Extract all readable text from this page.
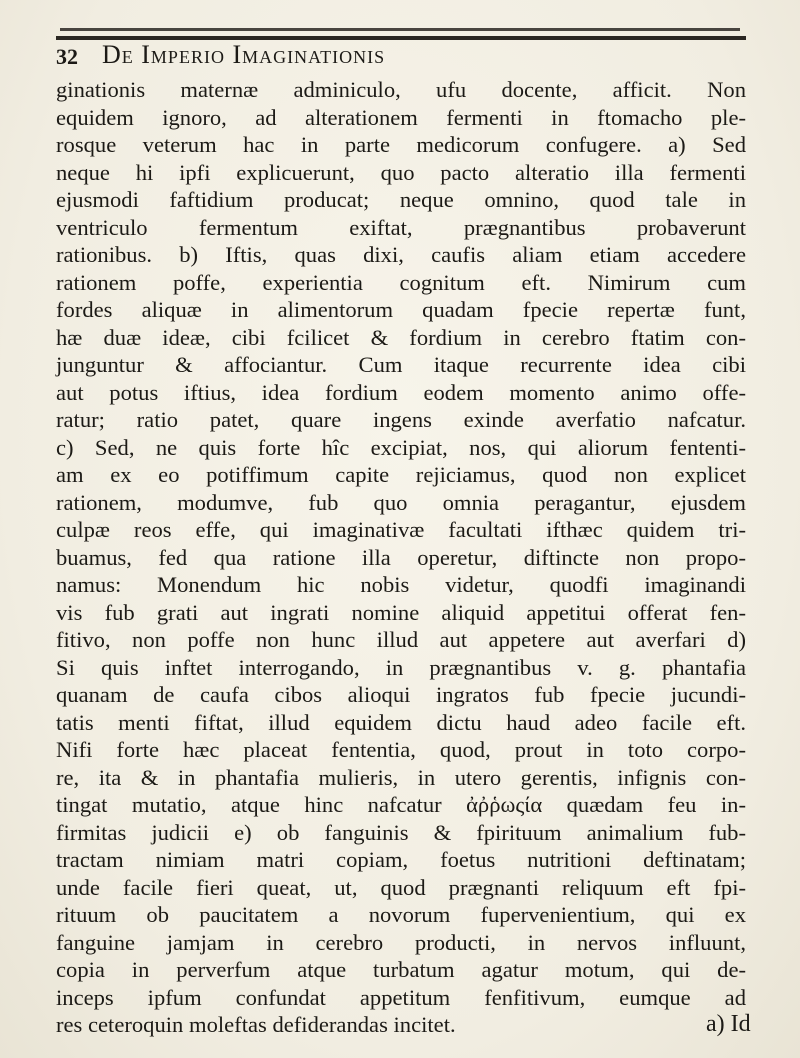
32 De Imperio Imaginationis
ginationis maternæ adminiculo, ufu docente, afficit. Non
equidem ignoro, ad alterationem fermenti in ftomacho ple-
rosque veterum hac in parte medicorum confugere. a) Sed
neque hi ipfi explicuerunt, quo pacto alteratio illa fermenti
ejusmodi faftidium producat; neque omnino, quod tale in
ventriculo fermentum exiftat, prægnantibus probaverunt
rationibus. b) Iftis, quas dixi, caufis aliam etiam accedere
rationem poffe, experientia cognitum eft. Nimirum cum
fordes aliquæ in alimentorum quadam fpecie repertæ funt,
hæ duæ ideæ, cibi fcilicet & fordium in cerebro ftatim con-
junguntur & affociantur. Cum itaque recurrente idea cibi
aut potus iftius, idea fordium eodem momento animo offe-
ratur; ratio patet, quare ingens exinde averfatio nafcatur.
c) Sed, ne quis forte hîc excipiat, nos, qui aliorum fententi-
am ex eo potiffimum capite rejiciamus, quod non explicet
rationem, modumve, fub quo omnia peragantur, ejusdem
culpæ reos effe, qui imaginativæ facultati ifthæc quidem tri-
buamus, fed qua ratione illa operetur, diftincte non propo-
namus: Monendum hic nobis videtur, quodfi imaginandi
vis fub grati aut ingrati nomine aliquid appetitui offerat fen-
fitivo, non poffe non hunc illud aut appetere aut averfari d)
Si quis inftet interrogando, in prægnantibus v. g. phantafia
quanam de caufa cibos alioqui ingratos fub fpecie jucundi-
tatis menti fiftat, illud equidem dictu haud adeo facile eft.
Nifi forte hæc placeat fententia, quod, prout in toto corpo-
re, ita & in phantafia mulieris, in utero gerentis, infignis con-
tingat mutatio, atque hinc nafcatur ἀῤῥωςία quædam feu in-
firmitas judicii e) ob fanguinis & fpirituum animalium fub-
tractam nimiam matri copiam, foetus nutritioni deftinatam;
unde facile fieri queat, ut, quod prægnanti reliquum eft fpi-
rituum ob paucitatem a novorum fupervenientium, qui ex
fanguine jamjam in cerebro producti, in nervos influunt,
copia in perverfum atque turbatum agatur motum, qui de-
inceps ipfum confundat appetitum fenfitivum, eumque ad
res ceteroquin moleftas defiderandas incitet.	a) Id
